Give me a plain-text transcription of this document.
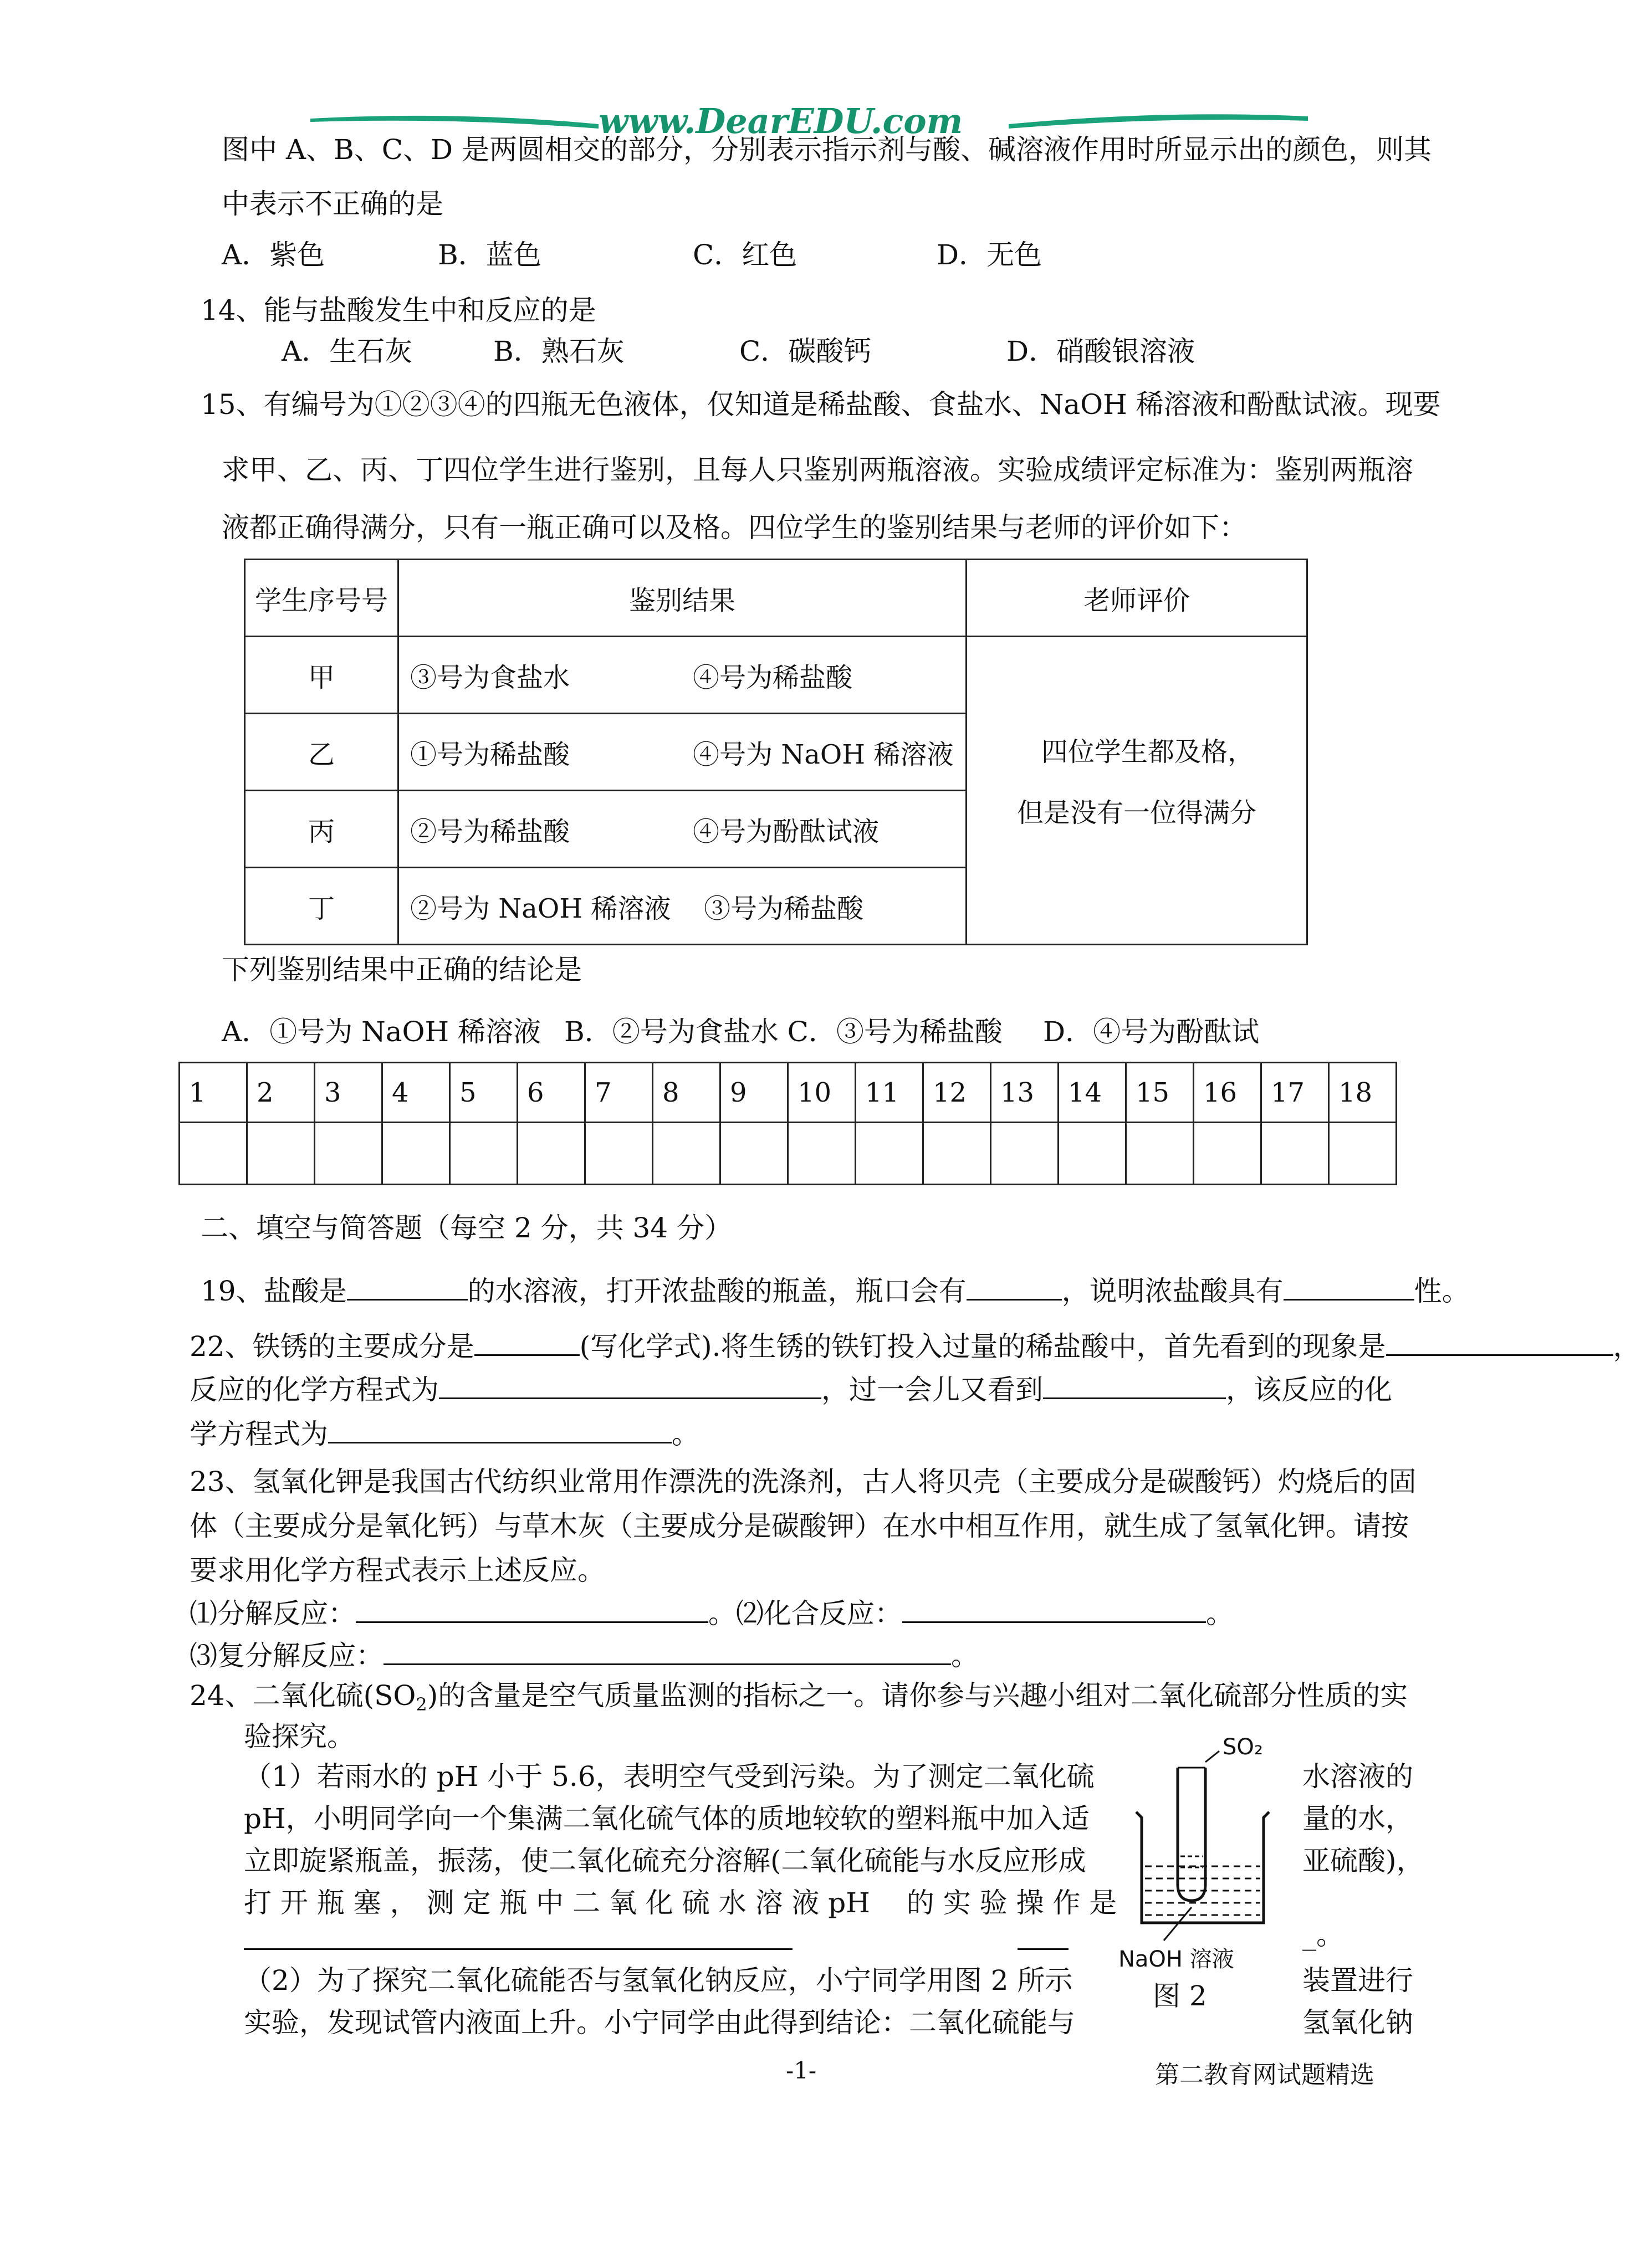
www.DearEDU.com
图中 A、B、C、D 是两圆相交的部分，分别表示指示剂与酸、碱溶液作用时所显示出的颜色，则其
中表示不正确的是
A．紫色	B．蓝色	C．红色	D．无色
14、能与盐酸发生中和反应的是
A．生石灰	B．熟石灰	C．碳酸钙	D．硝酸银溶液
15、有编号为①②③④的四瓶无色液体，仅知道是稀盐酸、食盐水、NaOH 稀溶液和酚酞试液。现要
求甲、乙、丙、丁四位学生进行鉴别，且每人只鉴别两瓶溶液。实验成绩评定标准为：鉴别两瓶溶
液都正确得满分，只有一瓶正确可以及格。四位学生的鉴别结果与老师的评价如下：
学生序号号	鉴别结果	老师评价
甲	③号为食盐水 ④号为稀盐酸	四位学生都及格，
但是没有一位得满分

乙	①号为稀盐酸 ④号为 NaOH 稀溶液	
丙	②号为稀盐酸 ④号为酚酞试液	
丁	②号为 NaOH 稀溶液 ③号为稀盐酸	
下列鉴别结果中正确的结论是
A．①号为 NaOH 稀溶液 B．②号为食盐水 C．③号为稀盐酸 D．④号为酚酞试
1	2	3	4	5	6	7	8	9	10	11	12	13	14	15	16	17	18

二、填空与简答题（每空 2 分，共 34 分）
19、盐酸是	的水溶液，打开浓盐酸的瓶盖，瓶口会有	，说明浓盐酸具有	性。
22、铁锈的主要成分是	(写化学式).将生锈的铁钉投入过量的稀盐酸中，首先看到的现象是	，
反应的化学方程式为	，过一会儿又看到	，该反应的化
学方程式为	。
23、氢氧化钾是我国古代纺织业常用作漂洗的洗涤剂，古人将贝壳（主要成分是碳酸钙）灼烧后的固
体（主要成分是氧化钙）与草木灰（主要成分是碳酸钾）在水中相互作用，就生成了氢氧化钾。请按
要求用化学方程式表示上述反应。
⑴分解反应：	。⑵化合反应：	。
⑶复分解反应：	。
24、二氧化硫$(SO_2)$的含量是空气质量监测的指标之一。请你参与兴趣小组对二氧化硫部分性质的实
验探究。
（1）若雨水的 pH 小于 5.6，表明空气受到污染。为了测定二氧化硫
pH，小明同学向一个集满二氧化硫气体的质地较软的塑料瓶中加入适
立即旋紧瓶盖，振荡，使二氧化硫充分溶解(二氧化硫能与水反应形成
打 开 瓶 塞 ， 测 定 瓶 中 二 氧 化 硫 水 溶 液 pH　 的 实 验 操 作 是
_。
水溶液的
量的水，
亚硫酸)，
（2）为了探究二氧化硫能否与氢氧化钠反应，小宁同学用图 2 所示
实验，发现试管内液面上升。小宁同学由此得到结论：二氧化硫能与
装置进行
氢氧化钠
SO₂
NaOH 溶液
图 2
-1-	第二教育网试题精选
